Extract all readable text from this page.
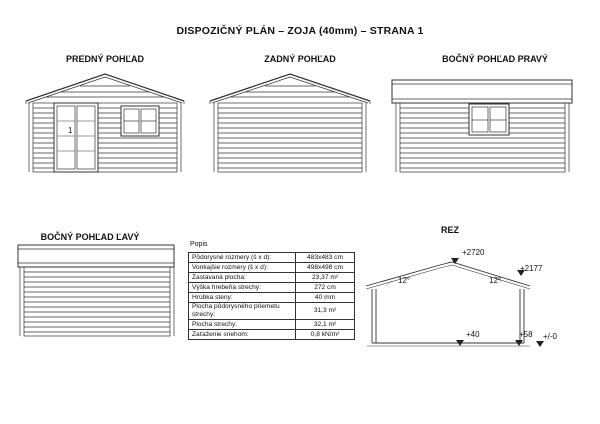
DISPOZIČNÝ PLÁN – ZOJA (40mm) – STRANA 1
PREDNÝ POHĽAD	ZADNÝ POHĽAD	BOČNÝ POHĽAD PRAVÝ
BOČNÝ POHĽAD ĽAVÝ
REZ
1
+2720
+2177
+40	+58 +/-0
12°	12°
Popis
Pôdorysné rozmery (š x d):	483x483 cm
Vonkajšie rozmery (š x d):	498x498 cm
Zastavaná plocha:	23,37 m²
Výška hrebeňa strechy:	272 cm
Hrúbka steny:	40 mm
Plocha pôdorysného priemetu strechy:	31,3 m²
Plocha strechy:	32,1 m²
Zaťaženie snehom:	0,8 kN/m²
